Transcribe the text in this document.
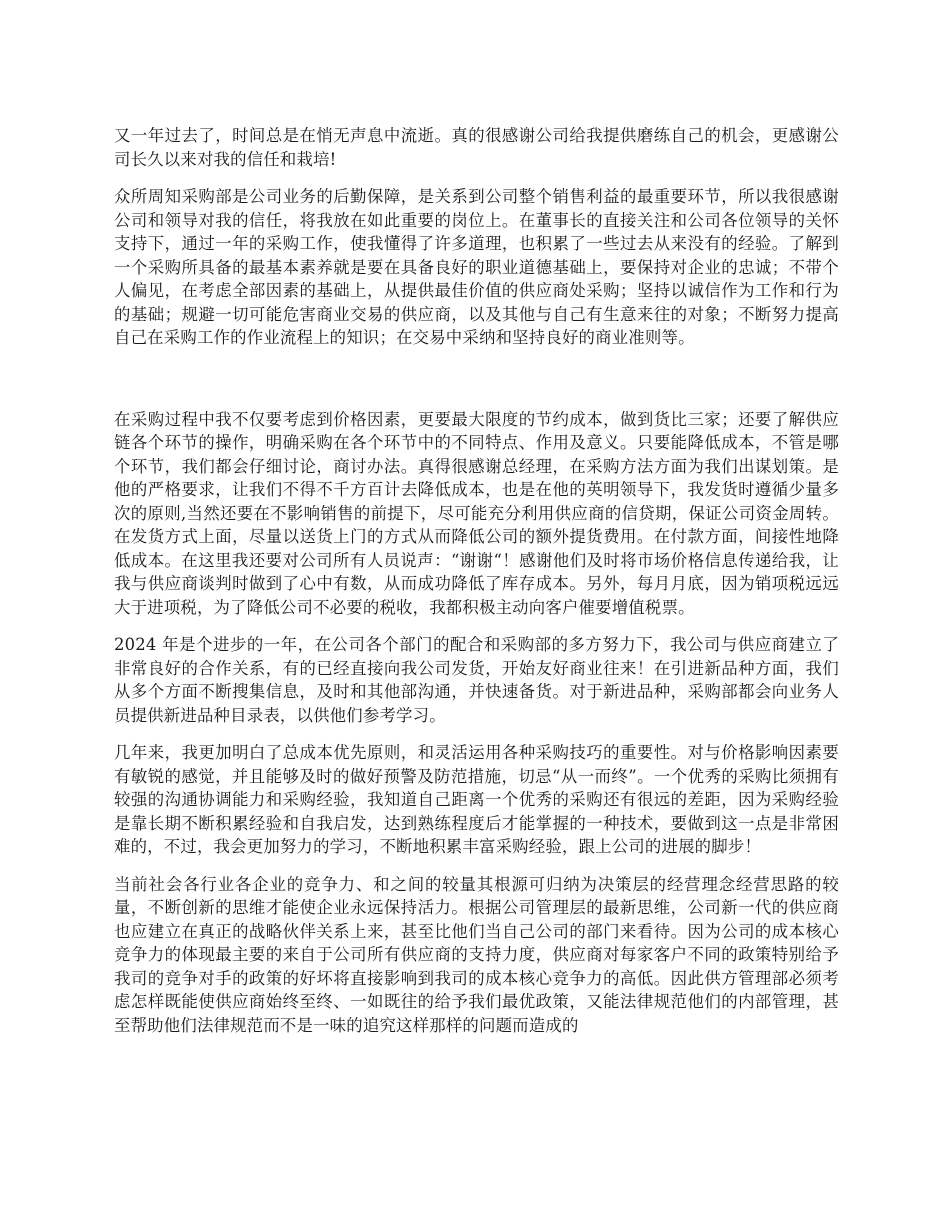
又一年过去了，时间总是在悄无声息中流逝。真的很感谢公司给我提供磨练自己的机会，更感谢公司长久以来对我的信任和栽培!

众所周知采购部是公司业务的后勤保障，是关系到公司整个销售利益的最重要环节，所以我很感谢公司和领导对我的信任，将我放在如此重要的岗位上。在董事长的直接关注和公司各位领导的关怀支持下，通过一年的采购工作，使我懂得了许多道理，也积累了一些过去从来没有的经验。了解到一个采购所具备的最基本素养就是要在具备良好的职业道德基础上，要保持对企业的忠诚；不带个人偏见，在考虑全部因素的基础上，从提供最佳价值的供应商处采购；坚持以诚信作为工作和行为的基础；规避一切可能危害商业交易的供应商，以及其他与自己有生意来往的对象；不断努力提高自己在采购工作的作业流程上的知识；在交易中采纳和坚持良好的商业准则等。

在采购过程中我不仅要考虑到价格因素，更要最大限度的节约成本，做到货比三家；还要了解供应链各个环节的操作，明确采购在各个环节中的不同特点、作用及意义。只要能降低成本，不管是哪个环节，我们都会仔细讨论，商讨办法。真得很感谢总经理，在采购方法方面为我们出谋划策。是他的严格要求，让我们不得不千方百计去降低成本，也是在他的英明领导下，我发货时遵循少量多次的原则,当然还要在不影响销售的前提下，尽可能充分利用供应商的信贷期，保证公司资金周转。在发货方式上面，尽量以送货上门的方式从而降低公司的额外提货费用。在付款方面，间接性地降低成本。在这里我还要对公司所有人员说声：“谢谢“！感谢他们及时将市场价格信息传递给我，让我与供应商谈判时做到了心中有数，从而成功降低了库存成本。另外，每月月底，因为销项税远远大于进项税，为了降低公司不必要的税收，我都积极主动向客户催要增值税票。

2024 年是个进步的一年，在公司各个部门的配合和采购部的多方努力下，我公司与供应商建立了非常良好的合作关系，有的已经直接向我公司发货，开始友好商业往来！在引进新品种方面，我们从多个方面不断搜集信息，及时和其他部沟通，并快速备货。对于新进品种，采购部都会向业务人员提供新进品种目录表，以供他们参考学习。

几年来，我更加明白了总成本优先原则，和灵活运用各种采购技巧的重要性。对与价格影响因素要有敏锐的感觉，并且能够及时的做好预警及防范措施，切忌“从一而终”。一个优秀的采购比须拥有较强的沟通协调能力和采购经验，我知道自己距离一个优秀的采购还有很远的差距，因为采购经验是靠长期不断积累经验和自我启发，达到熟练程度后才能掌握的一种技术，要做到这一点是非常困难的，不过，我会更加努力的学习，不断地积累丰富采购经验，跟上公司的进展的脚步！

当前社会各行业各企业的竞争力、和之间的较量其根源可归纳为决策层的经营理念经营思路的较量，不断创新的思维才能使企业永远保持活力。根据公司管理层的最新思维，公司新一代的供应商也应建立在真正的战略伙伴关系上来，甚至比他们当自己公司的部门来看待。因为公司的成本核心竞争力的体现最主要的来自于公司所有供应商的支持力度，供应商对每家客户不同的政策特别给予我司的竞争对手的政策的好坏将直接影响到我司的成本核心竞争力的高低。因此供方管理部必须考虑怎样既能使供应商始终至终、一如既往的给予我们最优政策，又能法律规范他们的内部管理，甚至帮助他们法律规范而不是一味的追究这样那样的问题而造成的
